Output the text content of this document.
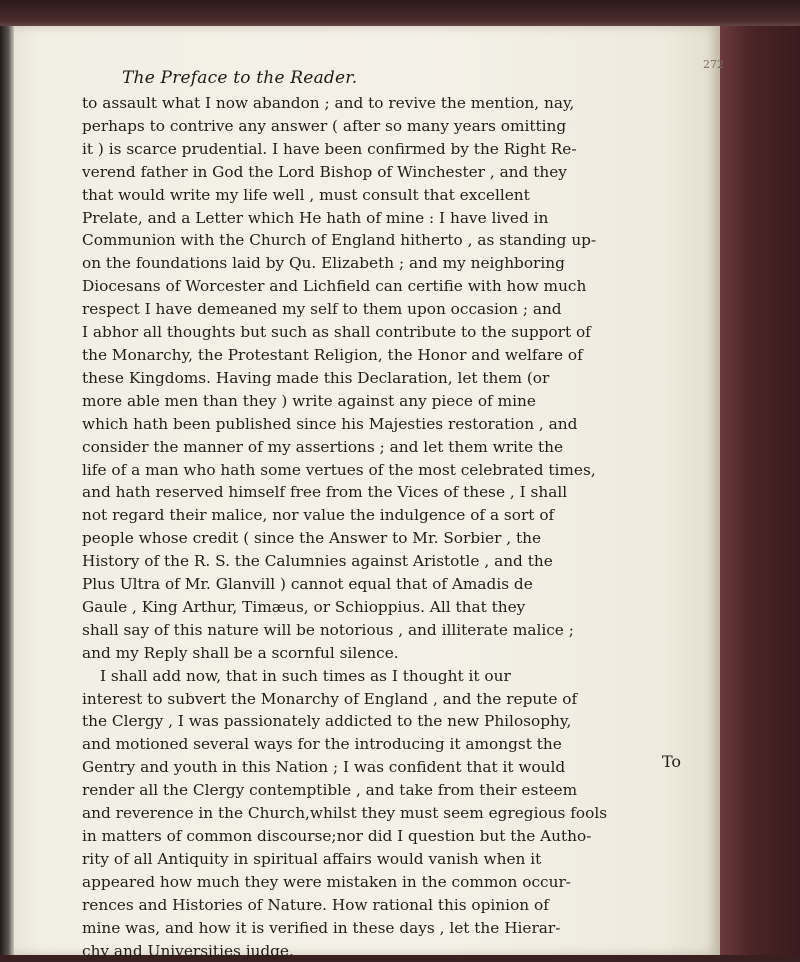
The Preface to the Reader.
272
to assault what I now abandon ; and to revive the mention, nay,
perhaps to contrive any answer ( after so many years omitting
it ) is scarce prudential. I have been confirmed by the Right Re-
verend father in God the Lord Bishop of Winchester , and they
that would write my life well , must consult that excellent
Prelate, and a Letter which He hath of mine : I have lived in
Communion with the Church of England hitherto , as standing up-
on the foundations laid by Qu. Elizabeth ; and my neighboring
Diocesans of Worcester and Lichfield can certifie with how much
respect I have demeaned my self to them upon occasion ; and
I abhor all thoughts but such as shall contribute to the support of
the Monarchy, the Protestant Religion, the Honor and welfare of
these Kingdoms. Having made this Declaration, let them (or
more able men than they ) write against any piece of mine
which hath been published since his Majesties restoration , and
consider the manner of my assertions ; and let them write the
life of a man who hath some vertues of the most celebrated times,
and hath reserved himself free from the Vices of these , I shall
not regard their malice, nor value the indulgence of a sort of
people whose credit ( since the Answer to Mr. Sorbier , the
History of the R. S. the Calumnies against Aristotle , and the
Plus Ultra of Mr. Glanvill ) cannot equal that of Amadis de
Gaule , King Arthur, Timæus, or Schioppius. All that they
shall say of this nature will be notorious , and illiterate malice ;
and my Reply shall be a scornful silence.
I shall add now, that in such times as I thought it our
interest to subvert the Monarchy of England , and the repute of
the Clergy , I was passionately addicted to the new Philosophy,
and motioned several ways for the introducing it amongst the
Gentry and youth in this Nation ; I was confident that it would
render all the Clergy contemptible , and take from their esteem
and reverence in the Church,whilst they must seem egregious fools
in matters of common discourse;nor did I question but the Autho-
rity of all Antiquity in spiritual affairs would vanish when it
appeared how much they were mistaken in the common occur-
rences and Histories of Nature. How rational this opinion of
mine was, and how it is verified in these days , let the Hierar-
chy and Universities judge.
To
